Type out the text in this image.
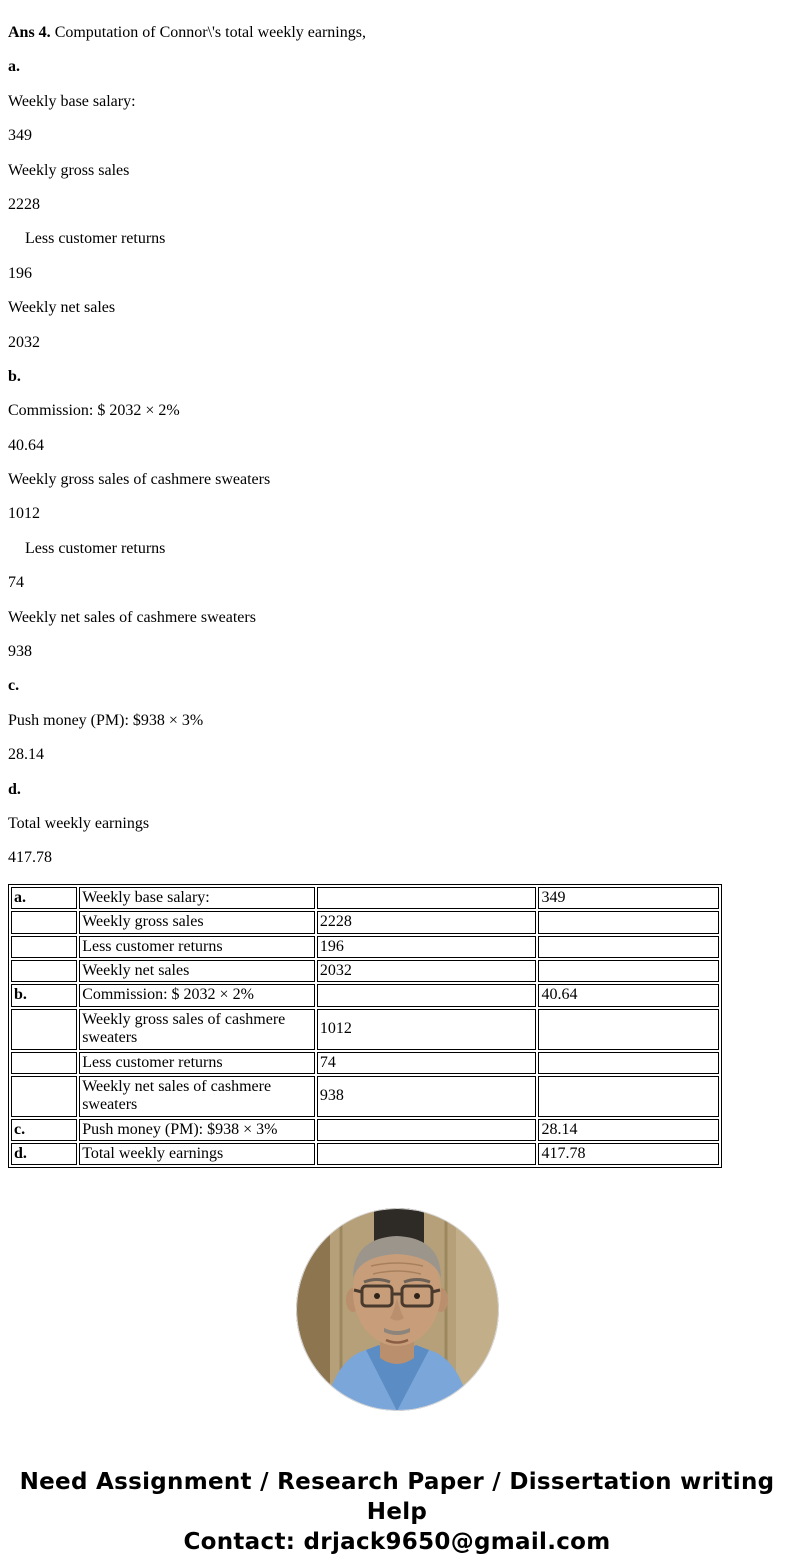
Ans 4. Computation of Connor\'s total weekly earnings,

a.

Weekly base salary:

349

Weekly gross sales

2228

Less customer returns

196

Weekly net sales

2032

b.

Commission: $ 2032 × 2%

40.64

Weekly gross sales of cashmere sweaters

1012

Less customer returns

74

Weekly net sales of cashmere sweaters

938

c.

Push money (PM): $938 × 3%

28.14

d.

Total weekly earnings

417.78

a.	Weekly base salary:		349
	Weekly gross sales	2228	
	Less customer returns	196	
	Weekly net sales	2032	
b.	Commission: $ 2032 × 2%		40.64
	Weekly gross sales of cashmere sweaters	1012	
	Less customer returns	74	
	Weekly net sales of cashmere sweaters	938	
c.	Push money (PM): $938 × 3%		28.14
d.	Total weekly earnings		417.78
Need Assignment / Research Paper / Dissertation writing Help
Contact: drjack9650@gmail.com
